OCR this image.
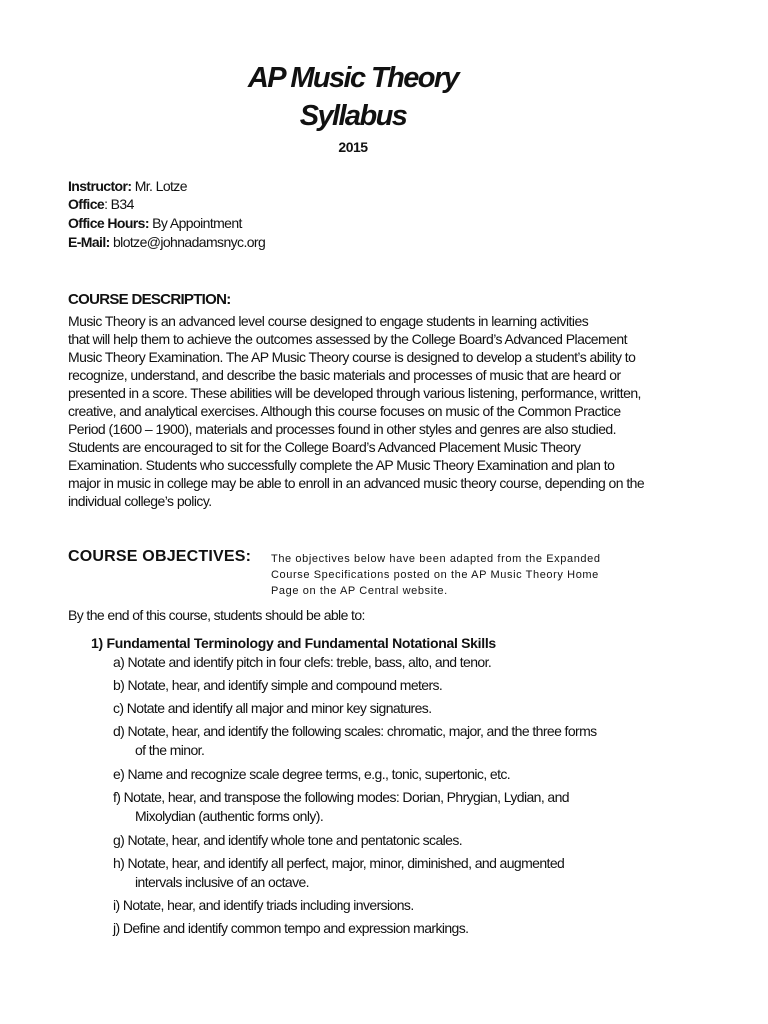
AP Music Theory
Syllabus
2015
Instructor: Mr. Lotze
Office: B34
Office Hours: By Appointment
E-Mail: blotze@johnadamsnyc.org
COURSE DESCRIPTION:
Music Theory is an advanced level course designed to engage students in learning activities
that will help them to achieve the outcomes assessed by the College Board’s Advanced Placement
Music Theory Examination. The AP Music Theory course is designed to develop a student’s ability to
recognize, understand, and describe the basic materials and processes of music that are heard or
presented in a score. These abilities will be developed through various listening, performance, written,
creative, and analytical exercises. Although this course focuses on music of the Common Practice
Period (1600 – 1900), materials and processes found in other styles and genres are also studied.
Students are encouraged to sit for the College Board’s Advanced Placement Music Theory
Examination. Students who successfully complete the AP Music Theory Examination and plan to
major in music in college may be able to enroll in an advanced music theory course, depending on the
individual college’s policy.
COURSE OBJECTIVES: The objectives below have been adapted from the Expanded
Course Specifications posted on the AP Music Theory Home
Page on the AP Central website.
By the end of this course, students should be able to:
1) Fundamental Terminology and Fundamental Notational Skills
a) Notate and identify pitch in four clefs: treble, bass, alto, and tenor.
b) Notate, hear, and identify simple and compound meters.
c) Notate and identify all major and minor key signatures.
d) Notate, hear, and identify the following scales: chromatic, major, and the three forms
of the minor.
e) Name and recognize scale degree terms, e.g., tonic, supertonic, etc.
f) Notate, hear, and transpose the following modes: Dorian, Phrygian, Lydian, and
Mixolydian (authentic forms only).
g) Notate, hear, and identify whole tone and pentatonic scales.
h) Notate, hear, and identify all perfect, major, minor, diminished, and augmented
intervals inclusive of an octave.
i) Notate, hear, and identify triads including inversions.
j) Define and identify common tempo and expression markings.
